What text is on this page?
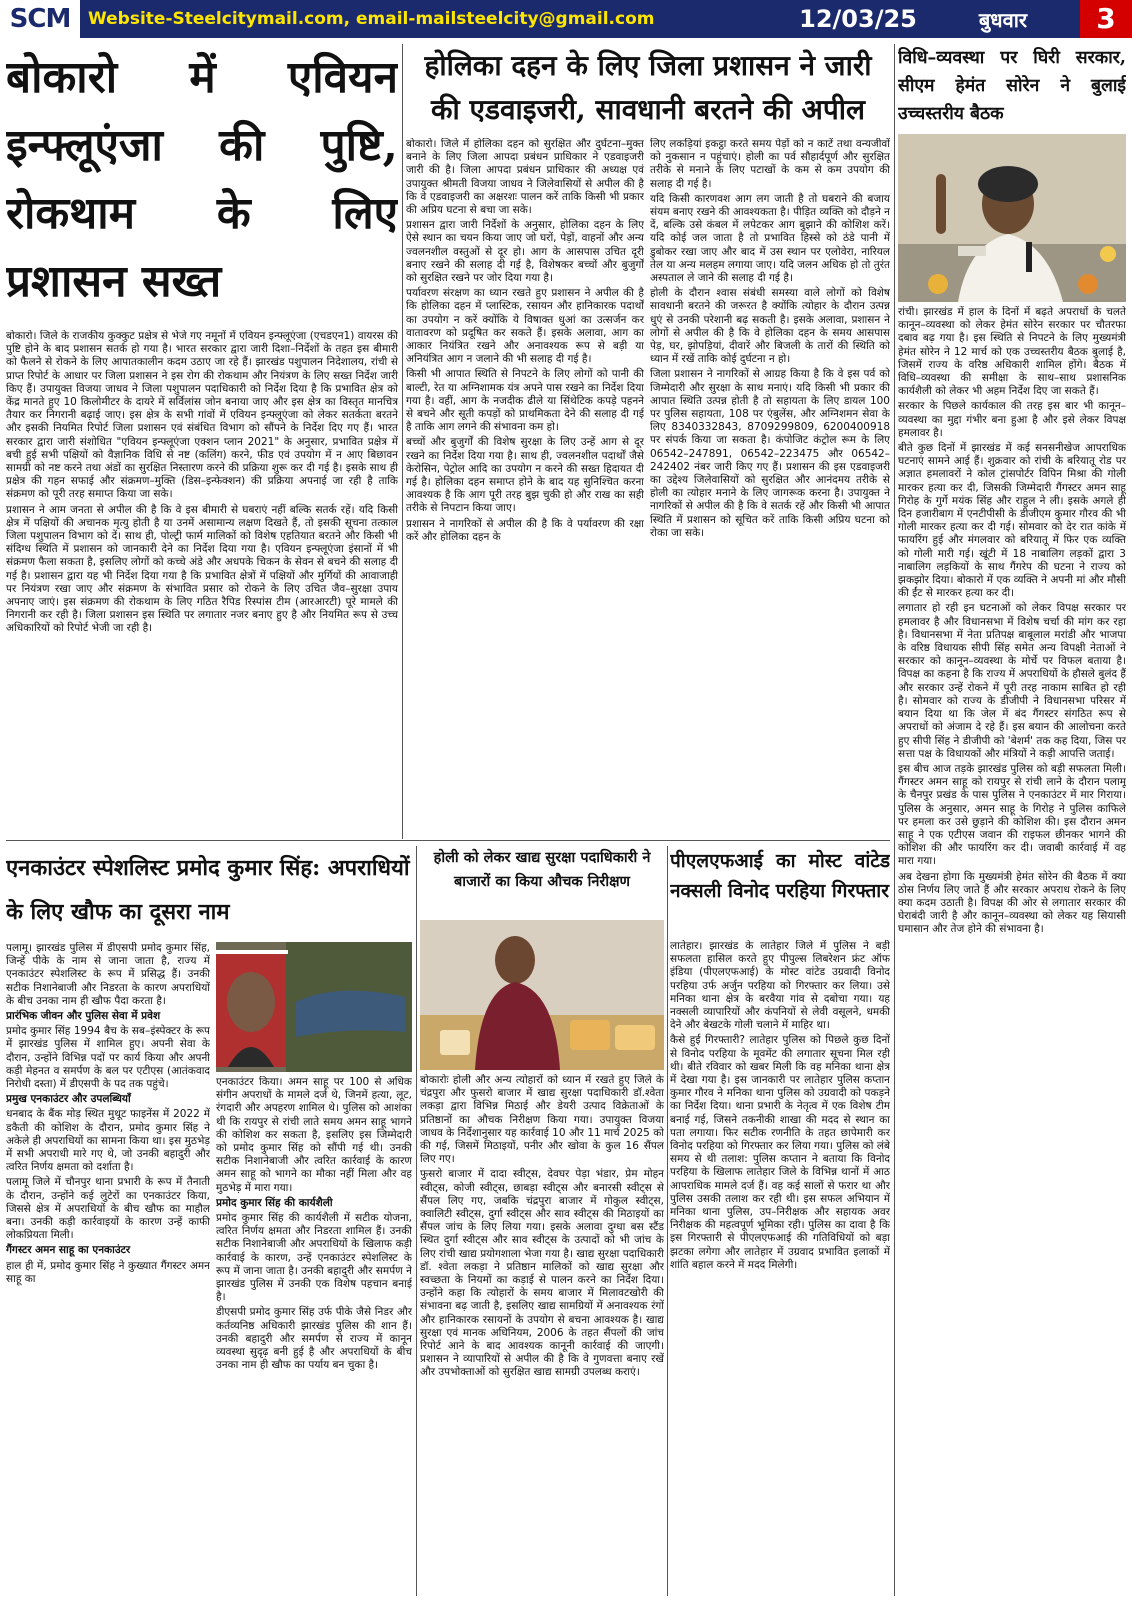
SCM	Website-Steelcitymail.com, email-mailsteelcity@gmail.com	12/03/25	बुधवार	3
बोकारो में एवियन इन्फ्लूएंजा की पुष्टि, रोकथाम के लिए प्रशासन सख्त

बोकारो। जिले के राजकीय कुक्कुट प्रक्षेत्र से भेजे गए नमूनों में एवियन इन्फ्लूएंजा (एचडएन1) वायरस की पुष्टि होने के बाद प्रशासन सतर्क हो गया है। भारत सरकार द्वारा जारी दिशा–निर्देशों के तहत इस बीमारी को फैलने से रोकने के लिए आपातकालीन कदम उठाए जा रहे हैं। झारखंड पशुपालन निदेशालय, रांची से प्राप्त रिपोर्ट के आधार पर जिला प्रशासन ने इस रोग की रोकथाम और नियंत्रण के लिए सख्त निर्देश जारी किए हैं। उपायुक्त विजया जाधव ने जिला पशुपालन पदाधिकारी को निर्देश दिया है कि प्रभावित क्षेत्र को केंद्र मानते हुए 10 किलोमीटर के दायरे में सर्विलांस जोन बनाया जाए और इस क्षेत्र का विस्तृत मानचित्र तैयार कर निगरानी बढ़ाई जाए। इस क्षेत्र के सभी गांवों में एवियन इन्फ्लूएंजा को लेकर सतर्कता बरतने और इसकी नियमित रिपोर्ट जिला प्रशासन एवं संबंधित विभाग को सौंपने के निर्देश दिए गए हैं। भारत सरकार द्वारा जारी संशोधित "एवियन इन्फ्लूएंजा एक्शन प्लान 2021" के अनुसार, प्रभावित प्रक्षेत्र में बची हुई सभी पक्षियों को वैज्ञानिक विधि से नष्ट (कलिंग) करने, फीड एवं उपयोग में न आए बिछावन सामग्री को नष्ट करने तथा अंडों का सुरक्षित निस्तारण करने की प्रक्रिया शुरू कर दी गई है। इसके साथ ही प्रक्षेत्र की गहन सफाई और संक्रमण–मुक्ति (डिस–इन्फेक्शन) की प्रक्रिया अपनाई जा रही है ताकि संक्रमण को पूरी तरह समाप्त किया जा सके।

प्रशासन ने आम जनता से अपील की है कि वे इस बीमारी से घबराएं नहीं बल्कि सतर्क रहें। यदि किसी क्षेत्र में पक्षियों की अचानक मृत्यु होती है या उनमें असामान्य लक्षण दिखते हैं, तो इसकी सूचना तत्काल जिला पशुपालन विभाग को दें। साथ ही, पोल्ट्री फार्म मालिकों को विशेष एहतियात बरतने और किसी भी संदिग्ध स्थिति में प्रशासन को जानकारी देने का निर्देश दिया गया है। एवियन इन्फ्लूएंजा इंसानों में भी संक्रमण फैला सकता है, इसलिए लोगों को कच्चे अंडे और अधपके चिकन के सेवन से बचने की सलाह दी गई है। प्रशासन द्वारा यह भी निर्देश दिया गया है कि प्रभावित क्षेत्रों में पक्षियों और मुर्गियों की आवाजाही पर नियंत्रण रखा जाए और संक्रमण के संभावित प्रसार को रोकने के लिए उचित जैव–सुरक्षा उपाय अपनाए जाएं। इस संक्रमण की रोकथाम के लिए गठित रैपिड रिस्पांस टीम (आरआरटी) पूरे मामले की निगरानी कर रही है। जिला प्रशासन इस स्थिति पर लगातार नजर बनाए हुए है और नियमित रूप से उच्च अधिकारियों को रिपोर्ट भेजी जा रही है।

होलिका दहन के लिए जिला प्रशासन ने जारी की एडवाइजरी, सावधानी बरतने की अपील

बोकारो। जिले में होलिका दहन को सुरक्षित और दुर्घटना–मुक्त बनाने के लिए जिला आपदा प्रबंधन प्राधिकार ने एडवाइजरी जारी की है। जिला आपदा प्रबंधन प्राधिकार की अध्यक्ष एवं उपायुक्त श्रीमती विजया जाधव ने जिलेवासियों से अपील की है कि वे एडवाइजरी का अक्षरशः पालन करें ताकि किसी भी प्रकार की अप्रिय घटना से बचा जा सके।

प्रशासन द्वारा जारी निर्देशों के अनुसार, होलिका दहन के लिए ऐसे स्थान का चयन किया जाए जो घरों, पेड़ों, वाहनों और अन्य ज्वलनशील वस्तुओं से दूर हो। आग के आसपास उचित दूरी बनाए रखने की सलाह दी गई है, विशेषकर बच्चों और बुजुर्गों को सुरक्षित रखने पर जोर दिया गया है।

पर्यावरण संरक्षण का ध्यान रखते हुए प्रशासन ने अपील की है कि होलिका दहन में प्लास्टिक, रसायन और हानिकारक पदार्थों का उपयोग न करें क्योंकि ये विषाक्त धुआं का उत्सर्जन कर वातावरण को प्रदूषित कर सकते हैं। इसके अलावा, आग का आकार नियंत्रित रखने और अनावश्यक रूप से बड़ी या अनियंत्रित आग न जलाने की भी सलाह दी गई है।

किसी भी आपात स्थिति से निपटने के लिए लोगों को पानी की बाल्टी, रेत या अग्निशामक यंत्र अपने पास रखने का निर्देश दिया गया है। वहीं, आग के नजदीक ढीले या सिंथेटिक कपड़े पहनने से बचने और सूती कपड़ों को प्राथमिकता देने की सलाह दी गई है ताकि आग लगने की संभावना कम हो।

बच्चों और बुजुर्गों की विशेष सुरक्षा के लिए उन्हें आग से दूर रखने का निर्देश दिया गया है। साथ ही, ज्वलनशील पदार्थों जैसे केरोसिन, पेट्रोल आदि का उपयोग न करने की सख्त हिदायत दी गई है। होलिका दहन समाप्त होने के बाद यह सुनिश्चित करना आवश्यक है कि आग पूरी तरह बुझ चुकी हो और राख का सही तरीके से निपटान किया जाए।

प्रशासन ने नागरिकों से अपील की है कि वे पर्यावरण की रक्षा करें और होलिका दहन के

लिए लकड़ियां इकट्ठा करते समय पेड़ों को न काटें तथा वन्यजीवों को नुकसान न पहुंचाएं। होली का पर्व सौहार्दपूर्ण और सुरक्षित तरीके से मनाने के लिए पटाखों के कम से कम उपयोग की सलाह दी गई है।

यदि किसी कारणवश आग लग जाती है तो घबराने की बजाय संयम बनाए रखने की आवश्यकता है। पीड़ित व्यक्ति को दौड़ने न दें, बल्कि उसे कंबल में लपेटकर आग बुझाने की कोशिश करें। यदि कोई जल जाता है तो प्रभावित हिस्से को ठंडे पानी में डुबोकर रखा जाए और बाद में उस स्थान पर एलोवेरा, नारियल तेल या अन्य मलहम लगाया जाए। यदि जलन अधिक हो तो तुरंत अस्पताल ले जाने की सलाह दी गई है।

होली के दौरान श्वास संबंधी समस्या वाले लोगों को विशेष सावधानी बरतने की जरूरत है क्योंकि त्योहार के दौरान उत्पन्न धुएं से उनकी परेशानी बढ़ सकती है। इसके अलावा, प्रशासन ने लोगों से अपील की है कि वे होलिका दहन के समय आसपास पेड़, घर, झोपड़ियां, दीवारें और बिजली के तारों की स्थिति को ध्यान में रखें ताकि कोई दुर्घटना न हो।

जिला प्रशासन ने नागरिकों से आग्रह किया है कि वे इस पर्व को जिम्मेदारी और सुरक्षा के साथ मनाएं। यदि किसी भी प्रकार की आपात स्थिति उत्पन्न होती है तो सहायता के लिए डायल 100 पर पुलिस सहायता, 108 पर एंबुलेंस, और अग्निशमन सेवा के लिए 8340332843, 8709299809, 6200400918 पर संपर्क किया जा सकता है। कंपोजिट कंट्रोल रूम के लिए 06542–247891, 06542–223475 और 06542–242402 नंबर जारी किए गए हैं। प्रशासन की इस एडवाइजरी का उद्देश्य जिलेवासियों को सुरक्षित और आनंदमय तरीके से होली का त्योहार मनाने के लिए जागरूक करना है। उपायुक्त ने नागरिकों से अपील की है कि वे सतर्क रहें और किसी भी आपात स्थिति में प्रशासन को सूचित करें ताकि किसी अप्रिय घटना को रोका जा सके।

विधि–व्यवस्था पर घिरी सरकार, सीएम हेमंत सोरेन ने बुलाई उच्चस्तरीय बैठक

रांची। झारखंड में हाल के दिनों में बढ़ते अपराधों के चलते कानून–व्यवस्था को लेकर हेमंत सोरेन सरकार पर चौतरफा दबाव बढ़ गया है। इस स्थिति से निपटने के लिए मुख्यमंत्री हेमंत सोरेन ने 12 मार्च को एक उच्चस्तरीय बैठक बुलाई है, जिसमें राज्य के वरिष्ठ अधिकारी शामिल होंगे। बैठक में विधि–व्यवस्था की समीक्षा के साथ–साथ प्रशासनिक कार्यशैली को लेकर भी अहम निर्देश दिए जा सकते हैं।

सरकार के पिछले कार्यकाल की तरह इस बार भी कानून–व्यवस्था का मुद्दा गंभीर बना हुआ है और इसे लेकर विपक्ष हमलावर है।

बीते कुछ दिनों में झारखंड में कई सनसनीखेज आपराधिक घटनाएं सामने आई हैं। शुक्रवार को रांची के बरियातू रोड पर अज्ञात हमलावरों ने कोल ट्रांसपोर्टर विपिन मिश्रा की गोली मारकर हत्या कर दी, जिसकी जिम्मेदारी गैंगस्टर अमन साहू गिरोह के गुर्गे मयंक सिंह और राहुल ने ली। इसके अगले ही दिन हजारीबाग में एनटीपीसी के डीजीएम कुमार गौरव की भी गोली मारकर हत्या कर दी गई। सोमवार को देर रात कांके में फायरिंग हुई और मंगलवार को बरियातू में फिर एक व्यक्ति को गोली मारी गई। खूंटी में 18 नाबालिग लड़कों द्वारा 3 नाबालिग लड़कियों के साथ गैंगरेप की घटना ने राज्य को झकझोर दिया। बोकारो में एक व्यक्ति ने अपनी मां और मौसी की ईंट से मारकर हत्या कर दी।

लगातार हो रही इन घटनाओं को लेकर विपक्ष सरकार पर हमलावर है और विधानसभा में विशेष चर्चा की मांग कर रहा है। विधानसभा में नेता प्रतिपक्ष बाबूलाल मरांडी और भाजपा के वरिष्ठ विधायक सीपी सिंह समेत अन्य विपक्षी नेताओं ने सरकार को कानून–व्यवस्था के मोर्चे पर विफल बताया है। विपक्ष का कहना है कि राज्य में अपराधियों के हौसले बुलंद हैं और सरकार उन्हें रोकने में पूरी तरह नाकाम साबित हो रही है। सोमवार को राज्य के डीजीपी ने विधानसभा परिसर में बयान दिया था कि जेल में बंद गैंगस्टर संगठित रूप से अपराधों को अंजाम दे रहे हैं। इस बयान की आलोचना करते हुए सीपी सिंह ने डीजीपी को 'बेशर्म' तक कह दिया, जिस पर सत्ता पक्ष के विधायकों और मंत्रियों ने कड़ी आपत्ति जताई।

इस बीच आज तड़के झारखंड पुलिस को बड़ी सफलता मिली। गैंगस्टर अमन साहू को रायपुर से रांची लाने के दौरान पलामू के चैनपुर प्रखंड के पास पुलिस ने एनकाउंटर में मार गिराया। पुलिस के अनुसार, अमन साहू के गिरोह ने पुलिस काफिले पर हमला कर उसे छुड़ाने की कोशिश की। इस दौरान अमन साहू ने एक एटीएस जवान की राइफल छीनकर भागने की कोशिश की और फायरिंग कर दी। जवाबी कार्रवाई में वह मारा गया।

अब देखना होगा कि मुख्यमंत्री हेमंत सोरेन की बैठक में क्या ठोस निर्णय लिए जाते हैं और सरकार अपराध रोकने के लिए क्या कदम उठाती है। विपक्ष की ओर से लगातार सरकार की घेराबंदी जारी है और कानून–व्यवस्था को लेकर यह सियासी घमासान और तेज होने की संभावना है।

एनकाउंटर स्पेशलिस्ट प्रमोद कुमार सिंह: अपराधियों के लिए खौफ का दूसरा नाम

पलामू। झारखंड पुलिस में डीएसपी प्रमोद कुमार सिंह, जिन्हें पीके के नाम से जाना जाता है, राज्य में एनकाउंटर स्पेशलिस्ट के रूप में प्रसिद्ध हैं। उनकी सटीक निशानेबाजी और निडरता के कारण अपराधियों के बीच उनका नाम ही खौफ पैदा करता है।

प्रारंभिक जीवन और पुलिस सेवा में प्रवेश

प्रमोद कुमार सिंह 1994 बैच के सब–इंस्पेक्टर के रूप में झारखंड पुलिस में शामिल हुए। अपनी सेवा के दौरान, उन्होंने विभिन्न पदों पर कार्य किया और अपनी कड़ी मेहनत व समर्पण के बल पर एटीएस (आतंकवाद निरोधी दस्ता) में डीएसपी के पद तक पहुंचे।

प्रमुख एनकाउंटर और उपलब्धियाँ

धनबाद के बैंक मोड़ स्थित मुथूट फाइनेंस में 2022 में डकैती की कोशिश के दौरान, प्रमोद कुमार सिंह ने अकेले ही अपराधियों का सामना किया था। इस मुठभेड़ में सभी अपराधी मारे गए थे, जो उनकी बहादुरी और त्वरित निर्णय क्षमता को दर्शाता है।

पलामू जिले में चौनपुर थाना प्रभारी के रूप में तैनाती के दौरान, उन्होंने कई लुटेरों का एनकाउंटर किया, जिससे क्षेत्र में अपराधियों के बीच खौफ का माहौल बना। उनकी कड़ी कार्रवाइयों के कारण उन्हें काफी लोकप्रियता मिली।

गैंगस्टर अमन साहू का एनकाउंटर

हाल ही में, प्रमोद कुमार सिंह ने कुख्यात गैंगस्टर अमन साहू का

एनकाउंटर किया। अमन साहू पर 100 से अधिक संगीन अपराधों के मामले दर्ज थे, जिनमें हत्या, लूट, रंगदारी और अपहरण शामिल थे। पुलिस को आशंका थी कि रायपुर से रांची लाते समय अमन साहू भागने की कोशिश कर सकता है, इसलिए इस जिम्मेदारी को प्रमोद कुमार सिंह को सौंपी गई थी। उनकी सटीक निशानेबाजी और त्वरित कार्रवाई के कारण अमन साहू को भागने का मौका नहीं मिला और वह मुठभेड़ में मारा गया।

प्रमोद कुमार सिंह की कार्यशैली

प्रमोद कुमार सिंह की कार्यशैली में सटीक योजना, त्वरित निर्णय क्षमता और निडरता शामिल हैं। उनकी सटीक निशानेबाजी और अपराधियों के खिलाफ कड़ी कार्रवाई के कारण, उन्हें एनकाउंटर स्पेशलिस्ट के रूप में जाना जाता है। उनकी बहादुरी और समर्पण ने झारखंड पुलिस में उनकी एक विशेष पहचान बनाई है।

डीएसपी प्रमोद कुमार सिंह उर्फ पीके जैसे निडर और कर्तव्यनिष्ठ अधिकारी झारखंड पुलिस की शान हैं। उनकी बहादुरी और समर्पण से राज्य में कानून व्यवस्था सुदृढ़ बनी हुई है और अपराधियों के बीच उनका नाम ही खौफ का पर्याय बन चुका है।

होली को लेकर खाद्य सुरक्षा पदाधिकारी ने बाजारों का किया औचक निरीक्षण

बोकारोः होली और अन्य त्योहारों को ध्यान में रखते हुए जिले के चंद्रपुरा और फुसरो बाजार में खाद्य सुरक्षा पदाधिकारी डॉ.श्वेता लकड़ा द्वारा विभिन्न मिठाई और डेयरी उत्पाद विक्रेताओं के प्रतिष्ठानों का औचक निरीक्षण किया गया। उपायुक्त विजया जाधव के निर्देशानुसार यह कार्रवाई 10 और 11 मार्च 2025 को की गई, जिसमें मिठाइयों, पनीर और खोवा के कुल 16 सैंपल लिए गए।

फुसरो बाजार में दादा स्वीट्स, देवघर पेड़ा भंडार, प्रेम मोहन स्वीट्स, कोजी स्वीट्स, छाबड़ा स्वीट्स और बनारसी स्वीट्स से सैंपल लिए गए, जबकि चंद्रपुरा बाजार में गोकुल स्वीट्स, क्वालिटी स्वीट्स, दुर्गा स्वीट्स और साव स्वीट्स की मिठाइयों का सैंपल जांच के लिए लिया गया। इसके अलावा दुग्धा बस स्टैंड स्थित दुर्गा स्वीट्स और साव स्वीट्स के उत्पादों को भी जांच के लिए रांची खाद्य प्रयोगशाला भेजा गया है। खाद्य सुरक्षा पदाधिकारी डॉ. श्वेता लकड़ा ने प्रतिष्ठान मालिकों को खाद्य सुरक्षा और स्वच्छता के नियमों का कड़ाई से पालन करने का निर्देश दिया। उन्होंने कहा कि त्योहारों के समय बाजार में मिलावटखोरी की संभावना बढ़ जाती है, इसलिए खाद्य सामग्रियों में अनावश्यक रंगों और हानिकारक रसायनों के उपयोग से बचना आवश्यक है। खाद्य सुरक्षा एवं मानक अधिनियम, 2006 के तहत सैंपलों की जांच रिपोर्ट आने के बाद आवश्यक कानूनी कार्रवाई की जाएगी। प्रशासन ने व्यापारियों से अपील की है कि वे गुणवत्ता बनाए रखें और उपभोक्ताओं को सुरक्षित खाद्य सामग्री उपलब्ध कराएं।

पीएलएफआई का मोस्ट वांटेड नक्सली विनोद परहिया गिरफ्तार

लातेहार। झारखंड के लातेहार जिले में पुलिस ने बड़ी सफलता हासिल करते हुए पीपुल्स लिबरेशन फ्रंट ऑफ इंडिया (पीएलएफआई) के मोस्ट वांटेड उग्रवादी विनोद परहिया उर्फ अर्जुन परहिया को गिरफ्तार कर लिया। उसे मनिका थाना क्षेत्र के बरवैया गांव से दबोचा गया। यह नक्सली व्यापारियों और कंपनियों से लेवी वसूलने, धमकी देने और बेखटके गोली चलाने में माहिर था।

कैसे हुई गिरफ्तारी? लातेहार पुलिस को पिछले कुछ दिनों से विनोद परहिया के मूवमेंट की लगातार सूचना मिल रही थी। बीते रविवार को खबर मिली कि वह मनिका थाना क्षेत्र में देखा गया है। इस जानकारी पर लातेहार पुलिस कप्तान कुमार गौरव ने मनिका थाना पुलिस को उग्रवादी को पकड़ने का निर्देश दिया। थाना प्रभारी के नेतृत्व में एक विशेष टीम बनाई गई, जिसने तकनीकी शाखा की मदद से स्थान का पता लगाया। फिर सटीक रणनीति के तहत छापेमारी कर विनोद परहिया को गिरफ्तार कर लिया गया। पुलिस को लंबे समय से थी तलाश: पुलिस कप्तान ने बताया कि विनोद परहिया के खिलाफ लातेहार जिले के विभिन्न थानों में आठ आपराधिक मामले दर्ज हैं। वह कई सालों से फरार था और पुलिस उसकी तलाश कर रही थी। इस सफल अभियान में मनिका थाना पुलिस, उप–निरीक्षक और सहायक अवर निरीक्षक की महत्वपूर्ण भूमिका रही। पुलिस का दावा है कि इस गिरफ्तारी से पीएलएफआई की गतिविधियों को बड़ा झटका लगेगा और लातेहार में उग्रवाद प्रभावित इलाकों में शांति बहाल करने में मदद मिलेगी।
